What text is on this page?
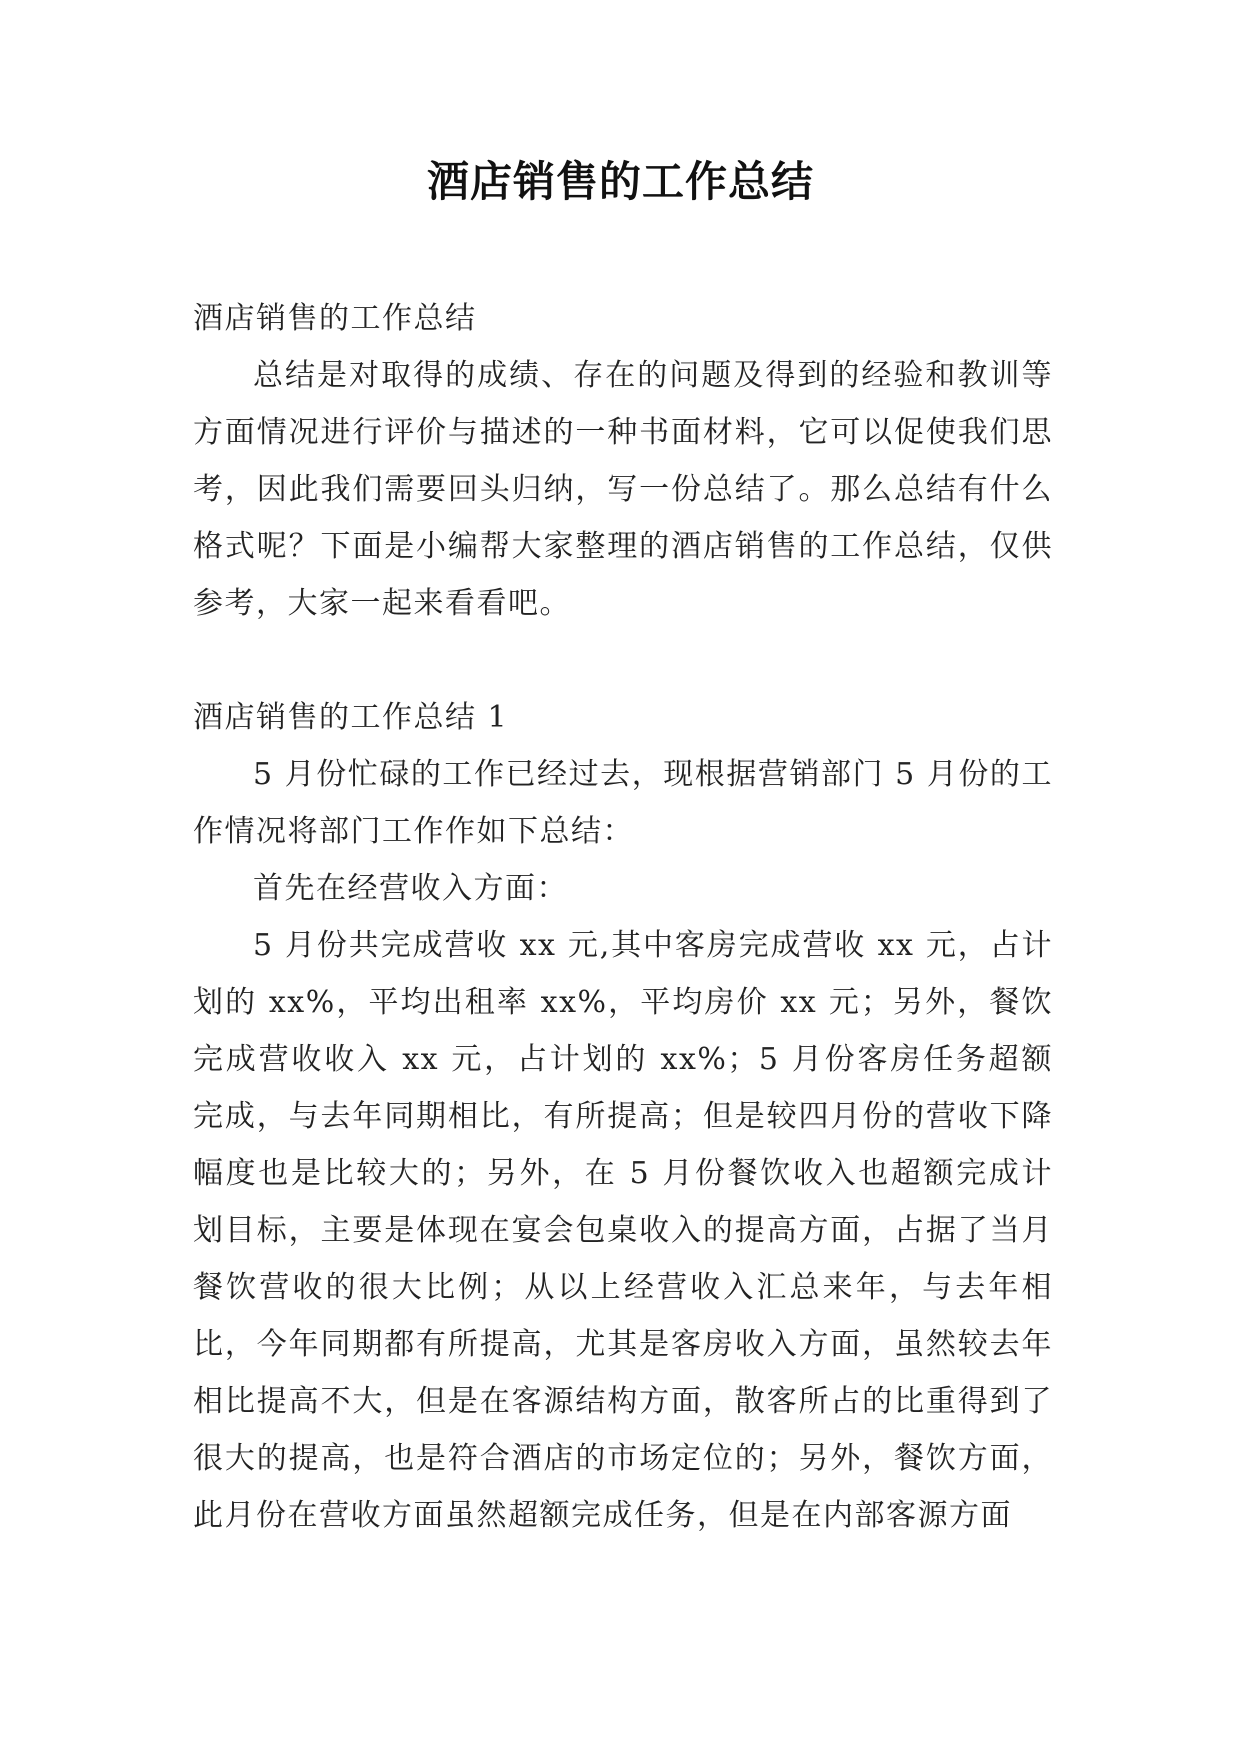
酒店销售的工作总结

酒店销售的工作总结

总结是对取得的成绩、存在的问题及得到的经验和教训等方面情况进行评价与描述的一种书面材料，它可以促使我们思考，因此我们需要回头归纳，写一份总结了。那么总结有什么格式呢？下面是小编帮大家整理的酒店销售的工作总结，仅供参考，大家一起来看看吧。

酒店销售的工作总结 1

5 月份忙碌的工作已经过去，现根据营销部门 5 月份的工作情况将部门工作作如下总结：

首先在经营收入方面：

5 月份共完成营收 xx 元,其中客房完成营收 xx 元，占计划的 xx%，平均出租率 xx%，平均房价 xx 元；另外，餐饮完成营收收入 xx 元，占计划的 xx%；5 月份客房任务超额完成，与去年同期相比，有所提高；但是较四月份的营收下降幅度也是比较大的；另外，在 5 月份餐饮收入也超额完成计划目标，主要是体现在宴会包桌收入的提高方面，占据了当月餐饮营收的很大比例；从以上经营收入汇总来年，与去年相比，今年同期都有所提高，尤其是客房收入方面，虽然较去年相比提高不大，但是在客源结构方面，散客所占的比重得到了很大的提高，也是符合酒店的市场定位的；另外，餐饮方面，此月份在营收方面虽然超额完成任务，但是在内部客源方面
